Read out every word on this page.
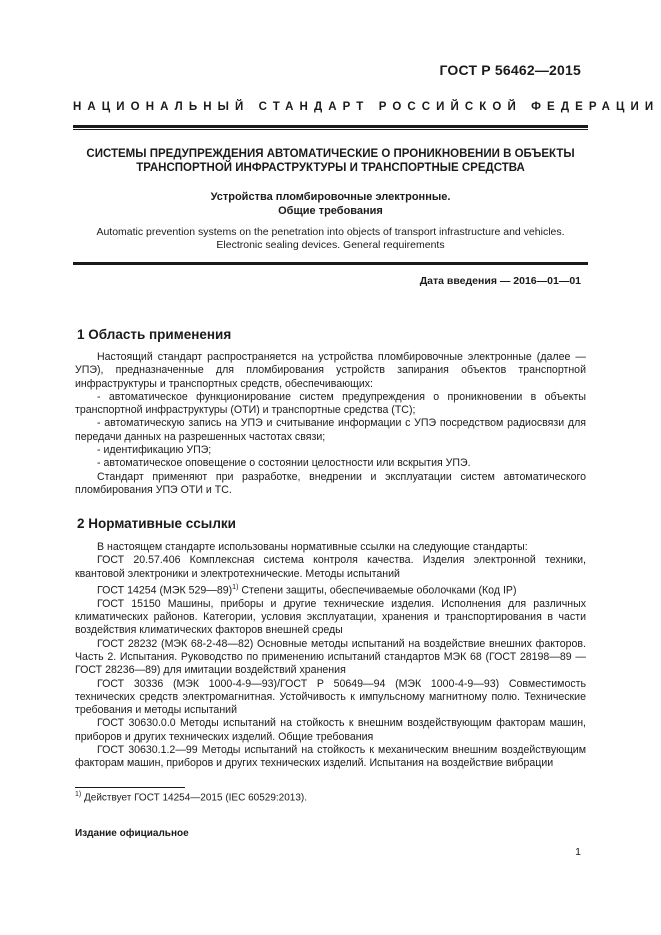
ГОСТ Р 56462—2015
НАЦИОНАЛЬНЫЙ СТАНДАРТ РОССИЙСКОЙ ФЕДЕРАЦИИ
СИСТЕМЫ ПРЕДУПРЕЖДЕНИЯ АВТОМАТИЧЕСКИЕ О ПРОНИКНОВЕНИИ В ОБЪЕКТЫ
ТРАНСПОРТНОЙ ИНФРАСТРУКТУРЫ И ТРАНСПОРТНЫЕ СРЕДСТВА
Устройства пломбировочные электронные.
Общие требования
Automatic prevention systems on the penetration into objects of transport infrastructure and vehicles.
Electronic sealing devices. General requirements
Дата введения — 2016—01—01
1 Область применения

Настоящий стандарт распространяется на устройства пломбировочные электронные (далее — УПЭ), предназначенные для пломбирования устройств запирания объектов транспортной инфраструктуры и транспортных средств, обеспечивающих:

- автоматическое функционирование систем предупреждения о проникновении в объекты транспортной инфраструктуры (ОТИ) и транспортные средства (ТС);

- автоматическую запись на УПЭ и считывание информации с УПЭ посредством радиосвязи для передачи данных на разрешенных частотах связи;

- идентификацию УПЭ;

- автоматическое оповещение о состоянии целостности или вскрытия УПЭ.

Стандарт применяют при разработке, внедрении и эксплуатации систем автоматического пломбирования УПЭ ОТИ и ТС.

2 Нормативные ссылки

В настоящем стандарте использованы нормативные ссылки на следующие стандарты:

ГОСТ 20.57.406 Комплексная система контроля качества. Изделия электронной техники, квантовой электроники и электротехнические. Методы испытаний

ГОСТ 14254 (МЭК 529—89)$^{1)}$ Степени защиты, обеспечиваемые оболочками (Код IP)

ГОСТ 15150 Машины, приборы и другие технические изделия. Исполнения для различных климатических районов. Категории, условия эксплуатации, хранения и транспортирования в части воздействия климатических факторов внешней среды

ГОСТ 28232 (МЭК 68-2-48—82) Основные методы испытаний на воздействие внешних факторов. Часть 2. Испытания. Руководство по применению испытаний стандартов МЭК 68 (ГОСТ 28198—89 — ГОСТ 28236—89) для имитации воздействий хранения

ГОСТ 30336 (МЭК 1000-4-9—93)/ГОСТ Р 50649—94 (МЭК 1000-4-9—93) Совместимость технических средств электромагнитная. Устойчивость к импульсному магнитному полю. Технические требования и методы испытаний

ГОСТ 30630.0.0 Методы испытаний на стойкость к внешним воздействующим факторам машин, приборов и других технических изделий. Общие требования

ГОСТ 30630.1.2—99 Методы испытаний на стойкость к механическим внешним воздействующим факторам машин, приборов и других технических изделий. Испытания на воздействие вибрации

$^{1)}$ Действует ГОСТ 14254—2015 (IEC 60529:2013).
Издание официальное
1
